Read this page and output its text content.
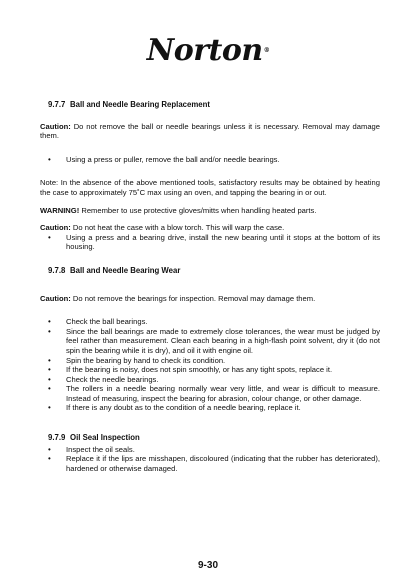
Norton®
9.7.7 Ball and Needle Bearing Replacement

Caution: Do not remove the ball or needle bearings unless it is necessary. Removal may damage them.

• Using a press or puller, remove the ball and/or needle bearings.

Note: In the absence of the above mentioned tools, satisfactory results may be obtained by heating the case to approximately 75˚C max using an oven, and tapping the bearing in or out.

WARNING! Remember to use protective gloves/mitts when handling heated parts.

Caution: Do not heat the case with a blow torch. This will warp the case.

• Using a press and a bearing drive, install the new bearing until it stops at the bottom of its housing.
9.7.8 Ball and Needle Bearing Wear

Caution: Do not remove the bearings for inspection. Removal may damage them.

• Check the ball bearings.
• Since the ball bearings are made to extremely close tolerances, the wear must be judged by feel rather than measurement. Clean each bearing in a high-flash point solvent, dry it (do not spin the bearing while it is dry), and oil it with engine oil.
• Spin the bearing by hand to check its condition.
• If the bearing is noisy, does not spin smoothly, or has any tight spots, replace it.
• Check the needle bearings.
• The rollers in a needle bearing normally wear very little, and wear is difficult to measure. Instead of measuring, inspect the bearing for abrasion, colour change, or other damage.
• If there is any doubt as to the condition of a needle bearing, replace it.
9.7.9 Oil Seal Inspection
• Inspect the oil seals.
• Replace it if the lips are misshapen, discoloured (indicating that the rubber has deteriorated), hardened or otherwise damaged.
9-30
